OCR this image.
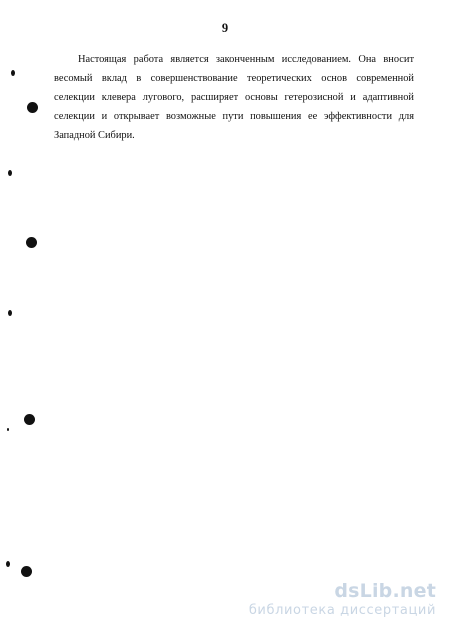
9
Настоящая работа является законченным исследованием. Она вносит
весомый вклад в совершенствование теоретических основ современной
селекции клевера лугового, расширяет основы гетерозисной и адаптивной
селекции и открывает возможные пути повышения ее эффективности для
Западной Сибири.
dsLib.net
библиотека диссертаций
